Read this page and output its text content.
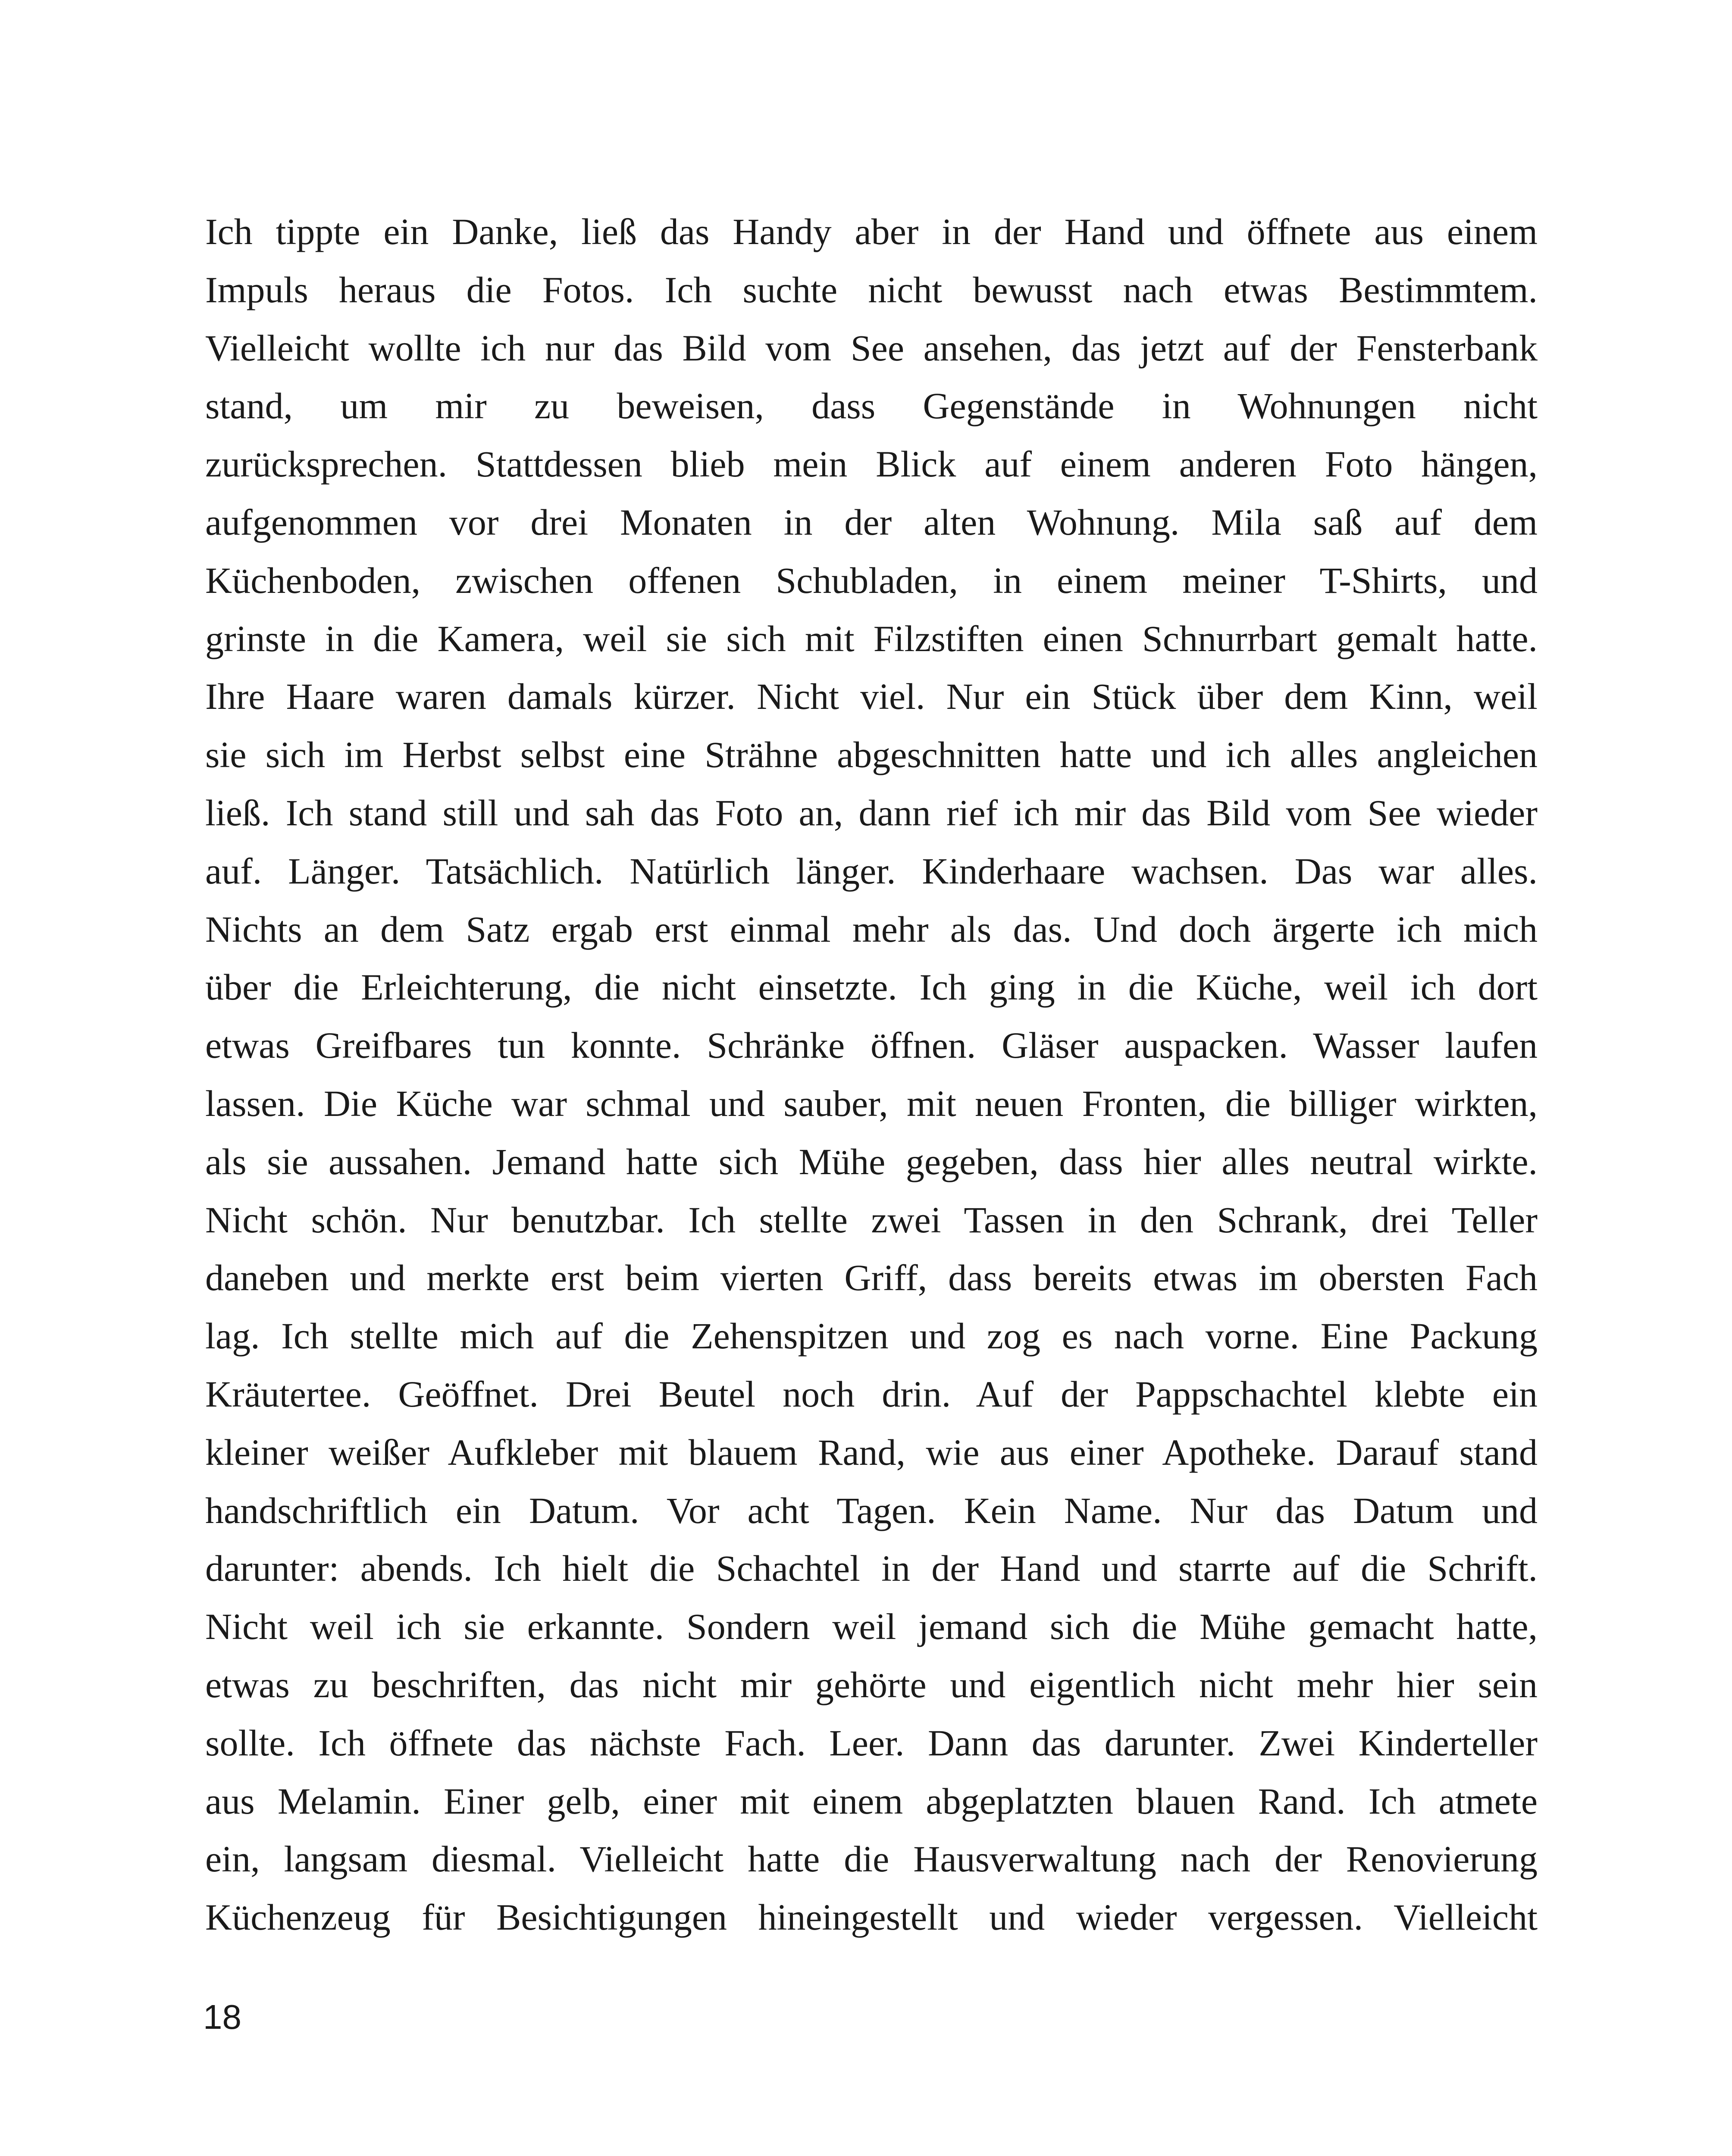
Ich tippte ein Danke, ließ das Handy aber in der Hand und öffnete aus einem
Impuls heraus die Fotos. Ich suchte nicht bewusst nach etwas Bestimmtem.
Vielleicht wollte ich nur das Bild vom See ansehen, das jetzt auf der Fensterbank
stand, um mir zu beweisen, dass Gegenstände in Wohnungen nicht
zurücksprechen. Stattdessen blieb mein Blick auf einem anderen Foto hängen,
aufgenommen vor drei Monaten in der alten Wohnung. Mila saß auf dem
Küchenboden, zwischen offenen Schubladen, in einem meiner T-Shirts, und
grinste in die Kamera, weil sie sich mit Filzstiften einen Schnurrbart gemalt hatte.
Ihre Haare waren damals kürzer. Nicht viel. Nur ein Stück über dem Kinn, weil
sie sich im Herbst selbst eine Strähne abgeschnitten hatte und ich alles angleichen
ließ. Ich stand still und sah das Foto an, dann rief ich mir das Bild vom See wieder
auf. Länger. Tatsächlich. Natürlich länger. Kinderhaare wachsen. Das war alles.
Nichts an dem Satz ergab erst einmal mehr als das. Und doch ärgerte ich mich
über die Erleichterung, die nicht einsetzte. Ich ging in die Küche, weil ich dort
etwas Greifbares tun konnte. Schränke öffnen. Gläser auspacken. Wasser laufen
lassen. Die Küche war schmal und sauber, mit neuen Fronten, die billiger wirkten,
als sie aussahen. Jemand hatte sich Mühe gegeben, dass hier alles neutral wirkte.
Nicht schön. Nur benutzbar. Ich stellte zwei Tassen in den Schrank, drei Teller
daneben und merkte erst beim vierten Griff, dass bereits etwas im obersten Fach
lag. Ich stellte mich auf die Zehenspitzen und zog es nach vorne. Eine Packung
Kräutertee. Geöffnet. Drei Beutel noch drin. Auf der Pappschachtel klebte ein
kleiner weißer Aufkleber mit blauem Rand, wie aus einer Apotheke. Darauf stand
handschriftlich ein Datum. Vor acht Tagen. Kein Name. Nur das Datum und
darunter: abends. Ich hielt die Schachtel in der Hand und starrte auf die Schrift.
Nicht weil ich sie erkannte. Sondern weil jemand sich die Mühe gemacht hatte,
etwas zu beschriften, das nicht mir gehörte und eigentlich nicht mehr hier sein
sollte. Ich öffnete das nächste Fach. Leer. Dann das darunter. Zwei Kinderteller
aus Melamin. Einer gelb, einer mit einem abgeplatzten blauen Rand. Ich atmete
ein, langsam diesmal. Vielleicht hatte die Hausverwaltung nach der Renovierung
Küchenzeug für Besichtigungen hineingestellt und wieder vergessen. Vielleicht

18
